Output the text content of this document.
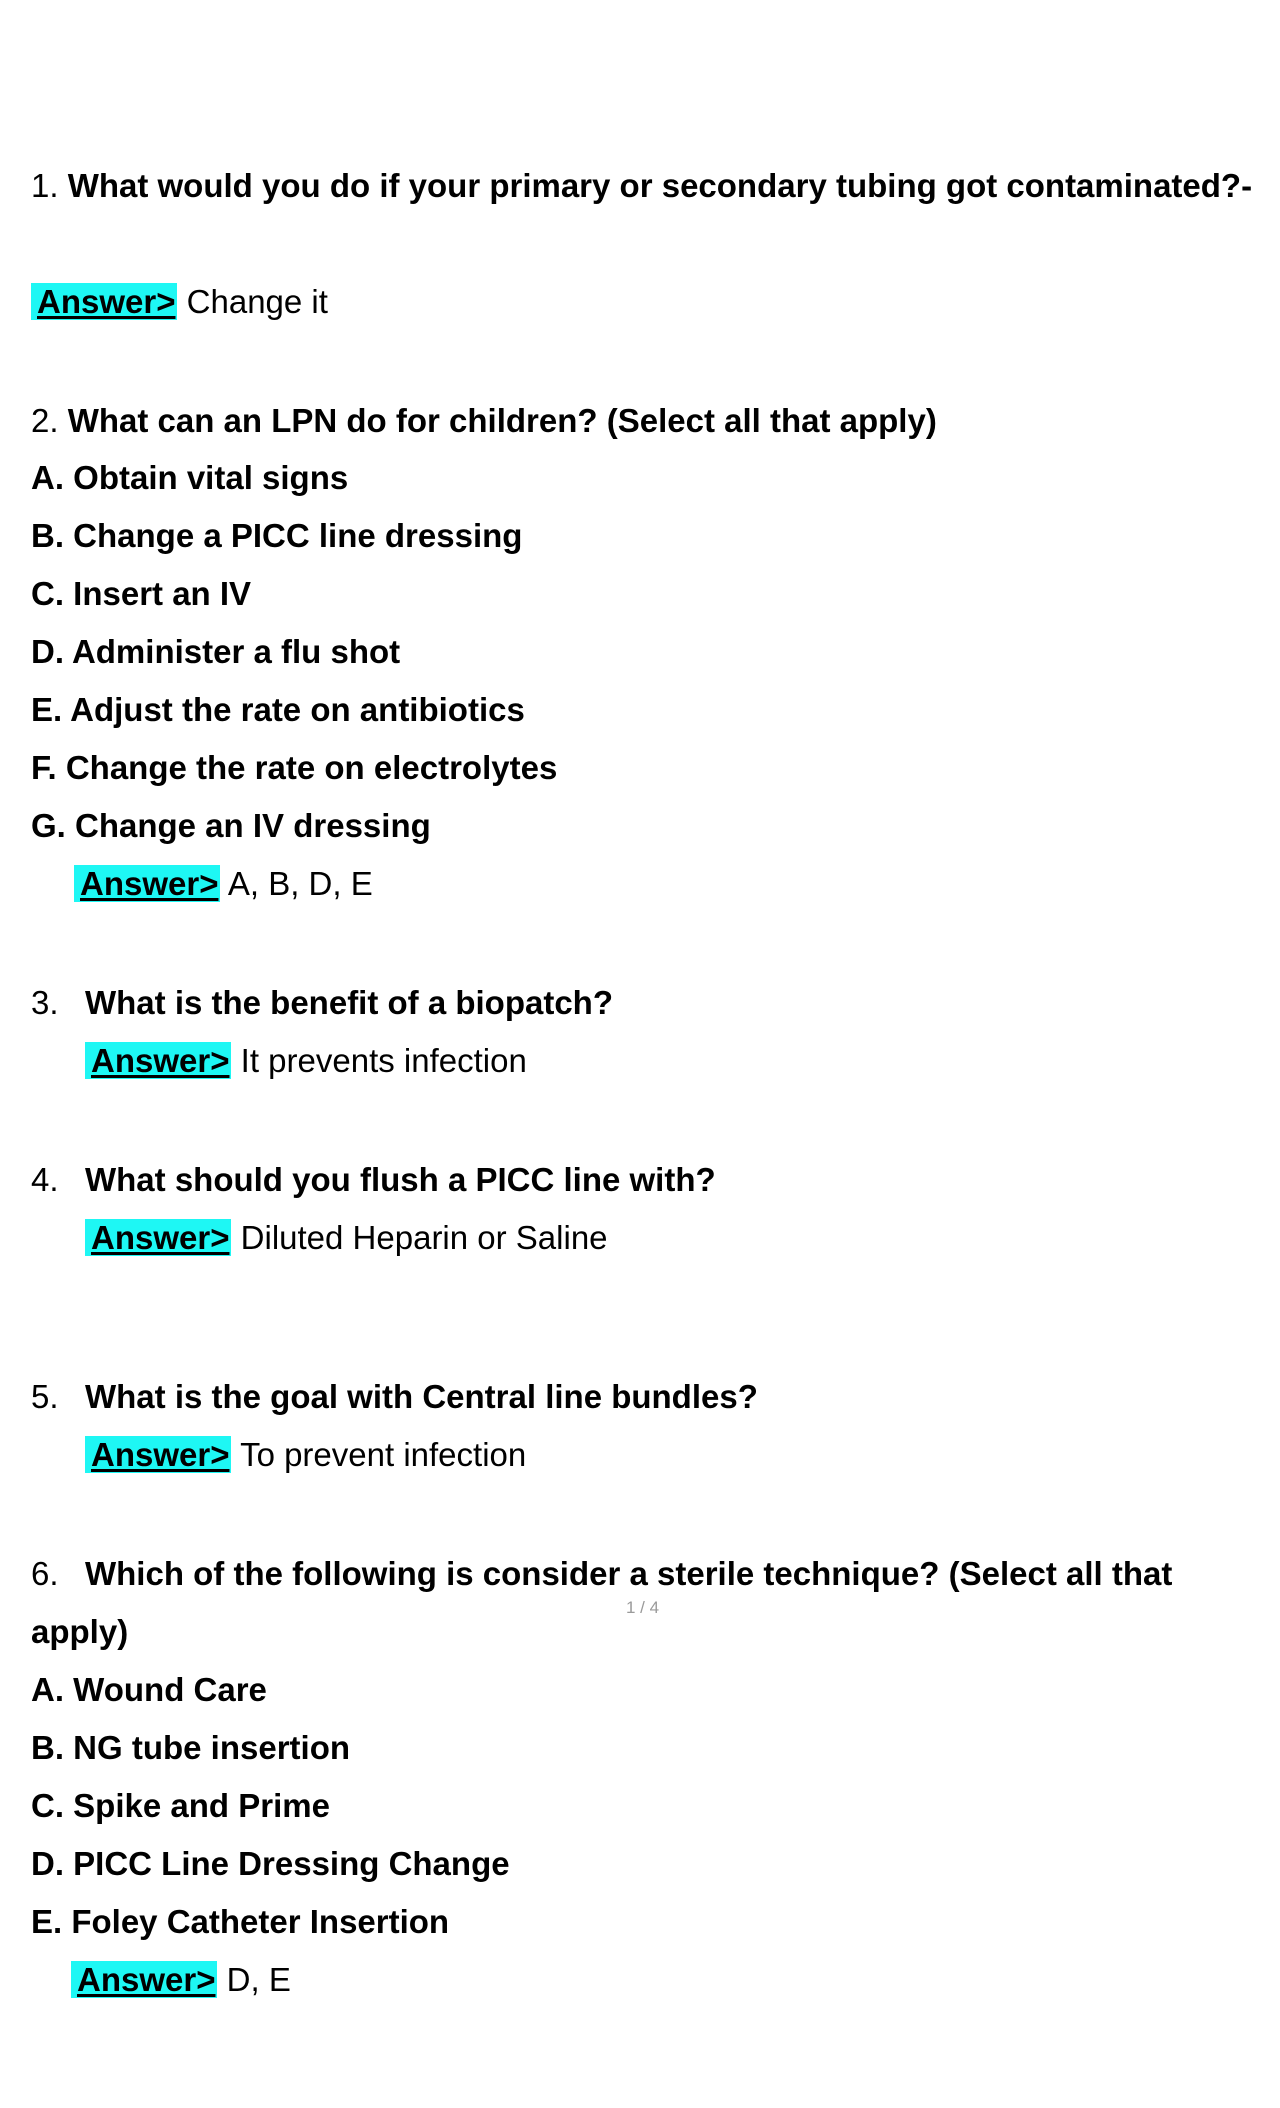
1. What would you do if your primary or secondary tubing got contaminated?-
Answer> Change it
2. What can an LPN do for children? (Select all that apply)
A. Obtain vital signs
B. Change a PICC line dressing
C. Insert an IV
D. Administer a flu shot
E. Adjust the rate on antibiotics
F. Change the rate on electrolytes
G. Change an IV dressing
Answer> A, B, D, E
3. What is the benefit of a biopatch?
Answer> It prevents infection
4. What should you flush a PICC line with?
Answer> Diluted Heparin or Saline
5. What is the goal with Central line bundles?
Answer> To prevent infection
6. Which of the following is consider a sterile technique? (Select all that
apply)
A. Wound Care
B. NG tube insertion
C. Spike and Prime
D. PICC Line Dressing Change
E. Foley Catheter Insertion
Answer> D, E
1 / 4
